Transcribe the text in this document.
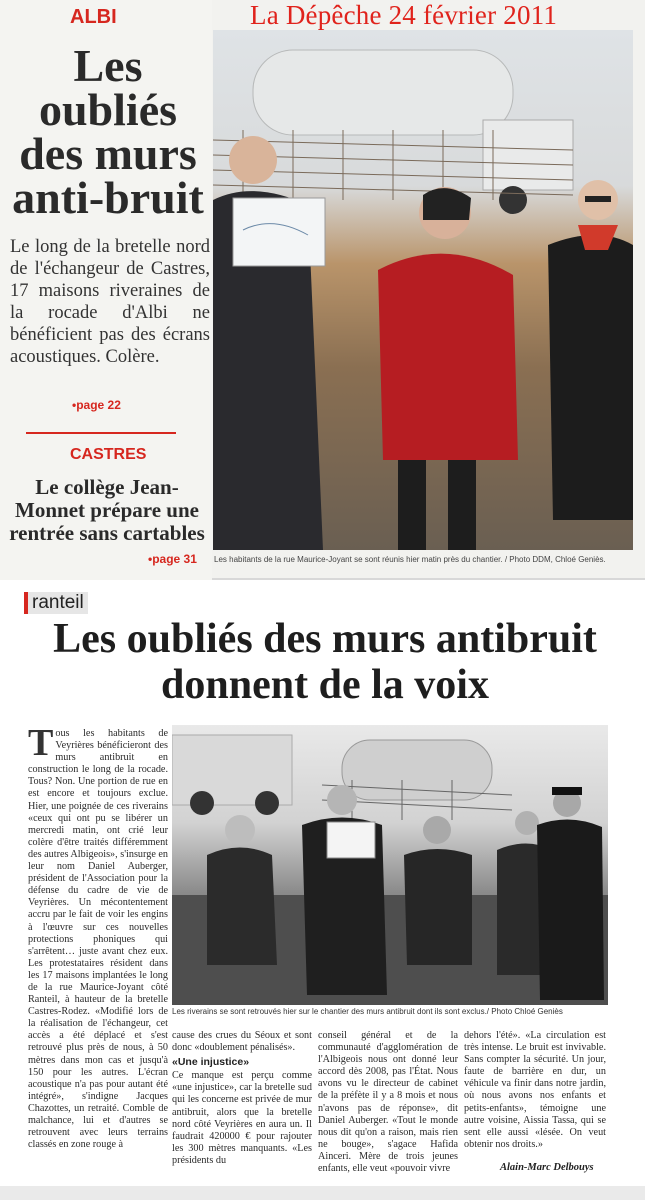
ALBI
Les
oubliés
des murs
anti-bruit

Le long de la bretelle nord de l'échangeur de Castres, 17 maisons riveraines de la rocade d'Albi ne bénéficient pas des écrans acoustiques. Colère.

•page 22
CASTRES
Le collège Jean-Monnet prépare une rentrée sans cartables
•page 31
La Dépêche 24 février 2011
Les habitants de la rue Maurice-Joyant se sont réunis hier matin près du chantier. / Photo DDM, Chloé Geniès.
ranteil
Les oubliés des murs antibruit donnent de la voix
Tous les habitants de Veyrières bénéficieront des murs antibruit en construction le long de la rocade. Tous? Non. Une portion de rue en est encore et toujours exclue. Hier, une poignée de ces riverains «ceux qui ont pu se libérer un mercredi matin, ont crié leur colère d'être traités différemment des autres Albigeois», s'insurge en leur nom Daniel Auberger, président de l'Association pour la défense du cadre de vie de Veyrières. Un mécontentement accru par le fait de voir les engins à l'œuvre sur ces nouvelles protections phoniques qui s'arrêtent… juste avant chez eux. Les protestataires résident dans les 17 maisons implantées le long de la rue Maurice-Joyant côté Ranteil, à hauteur de la bretelle Castres-Rodez. «Modifié lors de la réalisation de l'échangeur, cet accès a été déplacé et s'est retrouvé plus près de nous, à 50 mètres dans mon cas et jusqu'à 150 pour les autres. L'écran acoustique n'a pas pour autant été intégré», s'indigne Jacques Chazottes, un retraité. Comble de malchance, lui et d'autres se retrouvent avec leurs terrains classés en zone rouge à
Les riverains se sont retrouvés hier sur le chantier des murs antibruit dont ils sont exclus./ Photo Chloé Geniès

cause des crues du Séoux et sont donc «doublement pénalisés».

«Une injustice»

Ce manque est perçu comme «une injustice», car la bretelle sud qui les concerne est privée de mur antibruit, alors que la bretelle nord côté Veyrières en aura un. Il faudrait 420000 € pour rajouter les 300 mètres manquants. «Les présidents du

conseil général et de la communauté d'agglomération de l'Albigeois nous ont donné leur accord dès 2008, pas l'État. Nous avons vu le directeur de cabinet de la préfète il y a 8 mois et nous n'avons pas de réponse», dit Daniel Auberger. «Tout le monde nous dit qu'on a raison, mais rien ne bouge», s'agace Hafida Aincerі. Mère de trois jeunes enfants, elle veut «pouvoir vivre

dehors l'été». «La circulation est très intense. Le bruit est invivable. Sans compter la sécurité. Un jour, faute de barrière en dur, un véhicule va finir dans notre jardin, où nous avons nos enfants et petits-enfants», témoigne une autre voisine, Aissia Tassa, qui se sent elle aussi «lésée. On veut obtenir nos droits.»

Alain-Marc Delbouys
